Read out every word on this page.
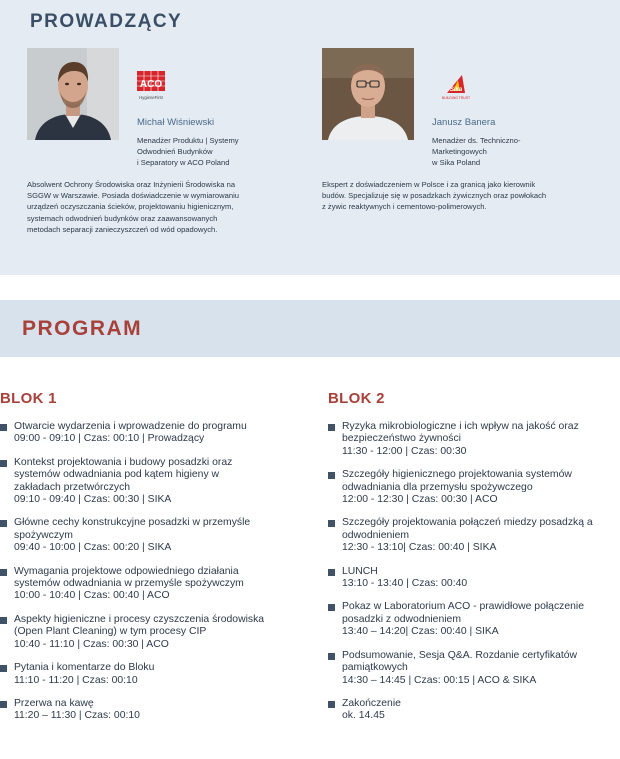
PROWADZĄCY
ACO
HygieneFirst
Michał Wiśniewski
Menadżer Produktu | Systemy
Odwodnień Budynków
i Separatory w ACO Poland
Absolwent Ochrony Środowiska oraz Inżynierii Środowiska na
SGGW w Warszawie. Posiada doświadczenie w wymiarowaniu
urządzeń oczyszczania ścieków, projektowaniu higienicznym,
systemach odwodnień budynków oraz zaawansowanych
metodach separacji zanieczyszczeń od wód opadowych.
Sika
BUILDING TRUST
Janusz Banera
Menadżer ds. Techniczno-
Marketingowych
w Sika Poland
Ekspert z doświadczeniem w Polsce i za granicą jako kierownik
budów. Specjalizuje się w posadzkach żywicznych oraz powłokach
z żywic reaktywnych i cementowo-polimerowych.
PROGRAM
BLOK 1
Otwarcie wydarzenia i wprowadzenie do programu
09:00 - 09:10 | Czas: 00:10 | Prowadzący
Kontekst projektowania i budowy posadzki oraz
systemów odwadniania pod kątem higieny w
zakładach przetwórczych
09:10 - 09:40 | Czas: 00:30 | SIKA
Główne cechy konstrukcyjne posadzki w przemyśle
spożywczym
09:40 - 10:00 | Czas: 00:20 | SIKA
Wymagania projektowe odpowiedniego działania
systemów odwadniania w przemyśle spożywczym
10:00 - 10:40 | Czas: 00:40 | ACO
Aspekty higieniczne i procesy czyszczenia środowiska
(Open Plant Cleaning) w tym procesy CIP
10:40 - 11:10 | Czas: 00:30 | ACO
Pytania i komentarze do Bloku
11:10 - 11:20 | Czas: 00:10
Przerwa na kawę
11:20 – 11:30 | Czas: 00:10
BLOK 2
Ryzyka mikrobiologiczne i ich wpływ na jakość oraz
bezpieczeństwo żywności
11:30 - 12:00 | Czas: 00:30
Szczegóły higienicznego projektowania systemów
odwadniania dla przemysłu spożywczego
12:00 - 12:30 | Czas: 00:30 | ACO
Szczegóły projektowania połączeń miedzy posadzką a
odwodnieniem
12:30 - 13:10| Czas: 00:40 | SIKA
LUNCH
13:10 - 13:40 | Czas: 00:40
Pokaz w Laboratorium ACO - prawidłowe połączenie
posadzki z odwodnieniem
13:40 – 14:20| Czas: 00:40 | SIKA
Podsumowanie, Sesja Q&A. Rozdanie certyfikatów
pamiątkowych
14:30 – 14:45 | Czas: 00:15 | ACO & SIKA
Zakończenie
ok. 14.45
